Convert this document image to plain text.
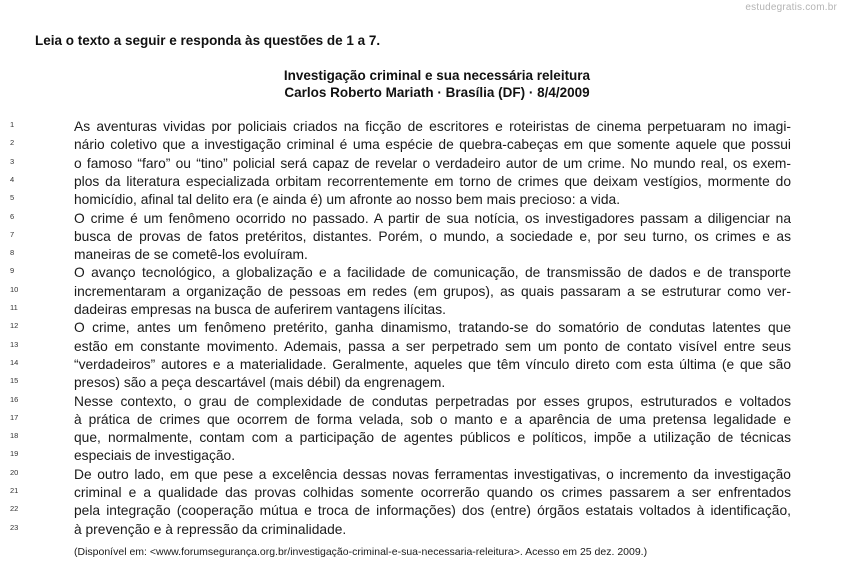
estudegratis.com.br
Leia o texto a seguir e responda às questões de 1 a 7.
Investigação criminal e sua necessária releitura
Carlos Roberto Mariath · Brasília (DF) · 8/4/2009
1
2
3
4
5
6
7
8
9
10
11
12
13
14
15
16
17
18
19
20
21
22
23
As aventuras vividas por policiais criados na ficção de escritores e roteiristas de cinema perpetuaram no imagi-
nário coletivo que a investigação criminal é uma espécie de quebra-cabeças em que somente aquele que possui
o famoso “faro” ou “tino” policial será capaz de revelar o verdadeiro autor de um crime. No mundo real, os exem-
plos da literatura especializada orbitam recorrentemente em torno de crimes que deixam vestígios, mormente do
homicídio, afinal tal delito era (e ainda é) um afronte ao nosso bem mais precioso: a vida.
O crime é um fenômeno ocorrido no passado. A partir de sua notícia, os investigadores passam a diligenciar na
busca de provas de fatos pretéritos, distantes. Porém, o mundo, a sociedade e, por seu turno, os crimes e as
maneiras de se cometê-los evoluíram.
O avanço tecnológico, a globalização e a facilidade de comunicação, de transmissão de dados e de transporte
incrementaram a organização de pessoas em redes (em grupos), as quais passaram a se estruturar como ver-
dadeiras empresas na busca de auferirem vantagens ilícitas.
O crime, antes um fenômeno pretérito, ganha dinamismo, tratando-se do somatório de condutas latentes que
estão em constante movimento. Ademais, passa a ser perpetrado sem um ponto de contato visível entre seus
“verdadeiros” autores e a materialidade. Geralmente, aqueles que têm vínculo direto com esta última (e que são
presos) são a peça descartável (mais débil) da engrenagem.
Nesse contexto, o grau de complexidade de condutas perpetradas por esses grupos, estruturados e voltados
à prática de crimes que ocorrem de forma velada, sob o manto e a aparência de uma pretensa legalidade e
que, normalmente, contam com a participação de agentes públicos e políticos, impõe a utilização de técnicas
especiais de investigação.
De outro lado, em que pese a excelência dessas novas ferramentas investigativas, o incremento da investigação
criminal e a qualidade das provas colhidas somente ocorrerão quando os crimes passarem a ser enfrentados
pela integração (cooperação mútua e troca de informações) dos (entre) órgãos estatais voltados à identificação,
à prevenção e à repressão da criminalidade.
(Disponível em: <www.forumsegurança.org.br/investigação-criminal-e-sua-necessaria-releitura>. Acesso em 25 dez. 2009.)
